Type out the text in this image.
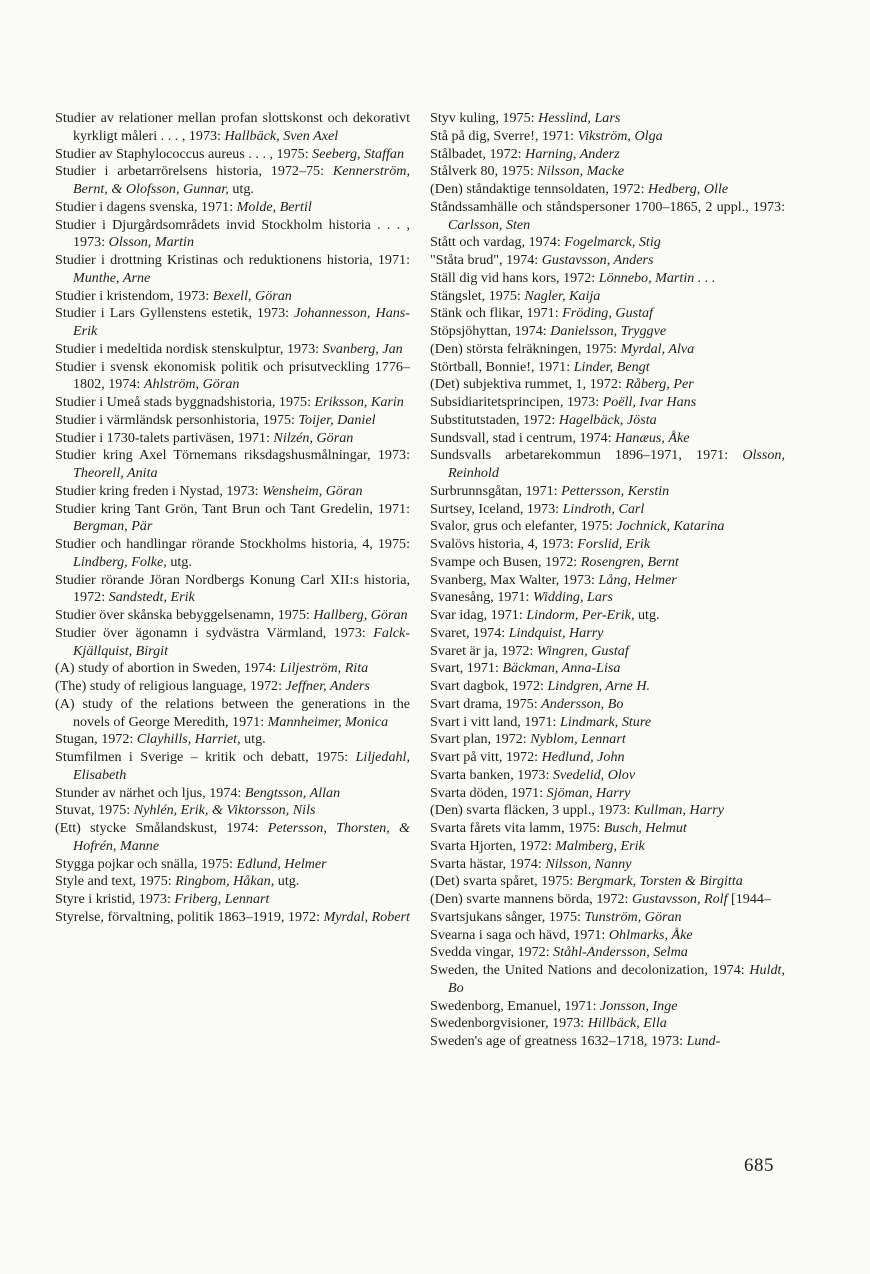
Studier av relationer mellan profan slottskonst och dekorativt kyrkligt måleri . . . , 1973: Hallbäck, Sven Axel
Studier av Staphylococcus aureus . . . , 1975: Seeberg, Staffan
Studier i arbetarrörelsens historia, 1972–75: Kennerström, Bernt, & Olofsson, Gunnar, utg.
Studier i dagens svenska, 1971: Molde, Bertil
Studier i Djurgårdsområdets invid Stockholm historia . . . , 1973: Olsson, Martin
Studier i drottning Kristinas och reduktionens historia, 1971: Munthe, Arne
Studier i kristendom, 1973: Bexell, Göran
Studier i Lars Gyllenstens estetik, 1973: Johannesson, Hans-Erik
Studier i medeltida nordisk stenskulptur, 1973: Svanberg, Jan
Studier i svensk ekonomisk politik och prisutveckling 1776–1802, 1974: Ahlström, Göran
Studier i Umeå stads byggnadshistoria, 1975: Eriksson, Karin
Studier i värmländsk personhistoria, 1975: Toijer, Daniel
Studier i 1730-talets partiväsen, 1971: Nilzén, Göran
Studier kring Axel Törnemans riksdagshusmålningar, 1973: Theorell, Anita
Studier kring freden i Nystad, 1973: Wensheim, Göran
Studier kring Tant Grön, Tant Brun och Tant Gredelin, 1971: Bergman, Pär
Studier och handlingar rörande Stockholms historia, 4, 1975: Lindberg, Folke, utg.
Studier rörande Jöran Nordbergs Konung Carl XII:s historia, 1972: Sandstedt, Erik
Studier över skånska bebyggelsenamn, 1975: Hallberg, Göran
Studier över ägonamn i sydvästra Värmland, 1973: Falck-Kjällquist, Birgit
(A) study of abortion in Sweden, 1974: Liljeström, Rita
(The) study of religious language, 1972: Jeffner, Anders
(A) study of the relations between the generations in the novels of George Meredith, 1971: Mannheimer, Monica
Stugan, 1972: Clayhills, Harriet, utg.
Stumfilmen i Sverige – kritik och debatt, 1975: Liljedahl, Elisabeth
Stunder av närhet och ljus, 1974: Bengtsson, Allan
Stuvat, 1975: Nyhlén, Erik, & Viktorsson, Nils
(Ett) stycke Smålandskust, 1974: Petersson, Thorsten, & Hofrén, Manne
Stygga pojkar och snälla, 1975: Edlund, Helmer
Style and text, 1975: Ringbom, Håkan, utg.
Styre i kristid, 1973: Friberg, Lennart
Styrelse, förvaltning, politik 1863–1919, 1972: Myrdal, Robert
Styv kuling, 1975: Hesslind, Lars
Stå på dig, Sverre!, 1971: Vikström, Olga
Stålbadet, 1972: Harning, Anderz
Stålverk 80, 1975: Nilsson, Macke
(Den) ståndaktige tennsoldaten, 1972: Hedberg, Olle
Ståndssamhälle och ståndspersoner 1700–1865, 2 uppl., 1973: Carlsson, Sten
Stått och vardag, 1974: Fogelmarck, Stig
"Ståta brud", 1974: Gustavsson, Anders
Ställ dig vid hans kors, 1972: Lönnebo, Martin . . .
Stängslet, 1975: Nagler, Kaija
Stänk och flikar, 1971: Fröding, Gustaf
Stöpsjöhyttan, 1974: Danielsson, Tryggve
(Den) största felräkningen, 1975: Myrdal, Alva
Störtball, Bonnie!, 1971: Linder, Bengt
(Det) subjektiva rummet, 1, 1972: Råberg, Per
Subsidiaritetsprincipen, 1973: Poëll, Ivar Hans
Substitutstaden, 1972: Hagelbäck, Jösta
Sundsvall, stad i centrum, 1974: Hanæus, Åke
Sundsvalls arbetarekommun 1896–1971, 1971: Olsson, Reinhold
Surbrunnsgåtan, 1971: Pettersson, Kerstin
Surtsey, Iceland, 1973: Lindroth, Carl
Svalor, grus och elefanter, 1975: Jochnick, Katarina
Svalövs historia, 4, 1973: Forslid, Erik
Svampe och Busen, 1972: Rosengren, Bernt
Svanberg, Max Walter, 1973: Lång, Helmer
Svanesång, 1971: Widding, Lars
Svar idag, 1971: Lindorm, Per-Erik, utg.
Svaret, 1974: Lindquist, Harry
Svaret är ja, 1972: Wingren, Gustaf
Svart, 1971: Bäckman, Anna-Lisa
Svart dagbok, 1972: Lindgren, Arne H.
Svart drama, 1975: Andersson, Bo
Svart i vitt land, 1971: Lindmark, Sture
Svart plan, 1972: Nyblom, Lennart
Svart på vitt, 1972: Hedlund, John
Svarta banken, 1973: Svedelid, Olov
Svarta döden, 1971: Sjöman, Harry
(Den) svarta fläcken, 3 uppl., 1973: Kullman, Harry
Svarta fårets vita lamm, 1975: Busch, Helmut
Svarta Hjorten, 1972: Malmberg, Erik
Svarta hästar, 1974: Nilsson, Nanny
(Det) svarta spåret, 1975: Bergmark, Torsten & Birgitta
(Den) svarte mannens börda, 1972: Gustavsson, Rolf [1944–
Svartsjukans sånger, 1975: Tunström, Göran
Svearna i saga och hävd, 1971: Ohlmarks, Åke
Svedda vingar, 1972: Ståhl-Andersson, Selma
Sweden, the United Nations and decolonization, 1974: Huldt, Bo
Swedenborg, Emanuel, 1971: Jonsson, Inge
Swedenborgvisioner, 1973: Hillbäck, Ella
Sweden's age of greatness 1632–1718, 1973: Lund-
685
